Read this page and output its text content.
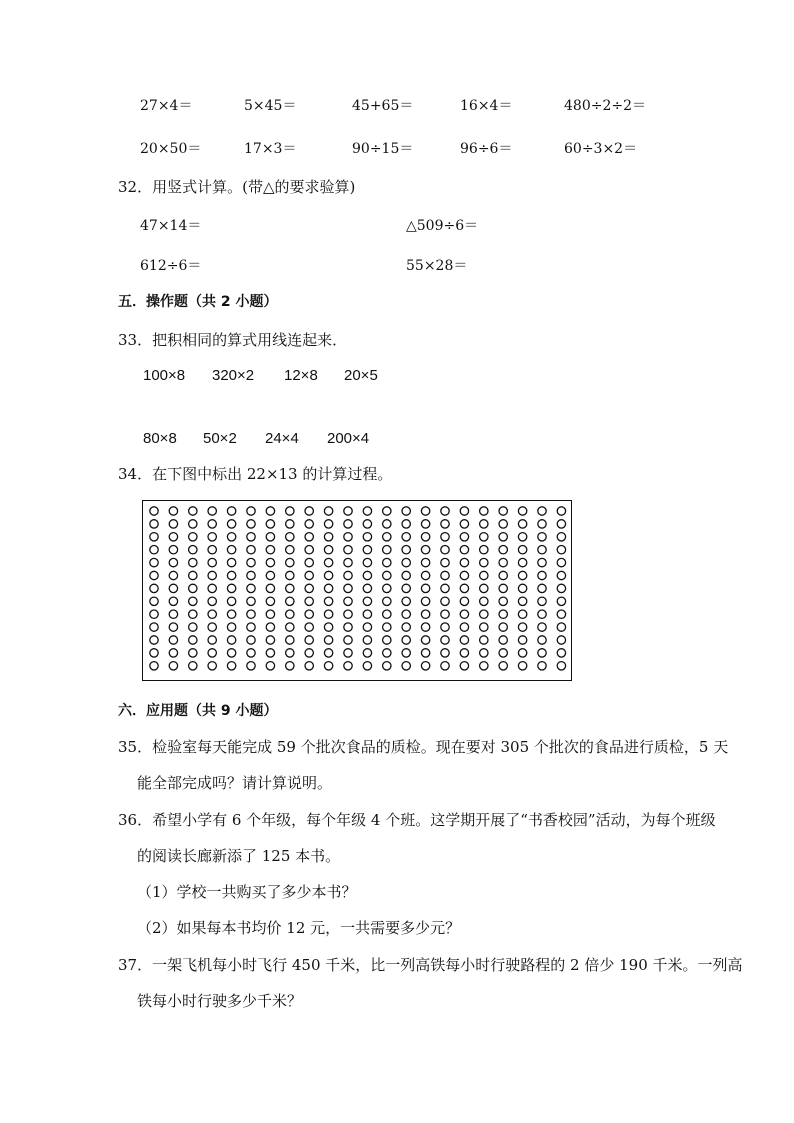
27×4＝	5×45＝	45+65＝	16×4＝	480÷2÷2＝
20×50＝	17×3＝	90÷15＝	96÷6＝	60÷3×2＝
32．用竖式计算。(带△的要求验算)
47×14＝	△509÷6＝
612÷6＝	55×28＝
五．操作题（共 2 小题）
33．把积相同的算式用线连起来．
100×8 320×2 12×8 20×5
80×8 50×2 24×4 200×4
34．在下图中标出 22×13 的计算过程。
六．应用题（共 9 小题）
35．检验室每天能完成 59 个批次食品的质检。现在要对 305 个批次的食品进行质检，5 天
能全部完成吗？请计算说明。
36．希望小学有 6 个年级，每个年级 4 个班。这学期开展了“书香校园”活动，为每个班级
的阅读长廊新添了 125 本书。
（1）学校一共购买了多少本书？
（2）如果每本书均价 12 元，一共需要多少元？
37．一架飞机每小时飞行 450 千米，比一列高铁每小时行驶路程的 2 倍少 190 千米。一列高
铁每小时行驶多少千米？
